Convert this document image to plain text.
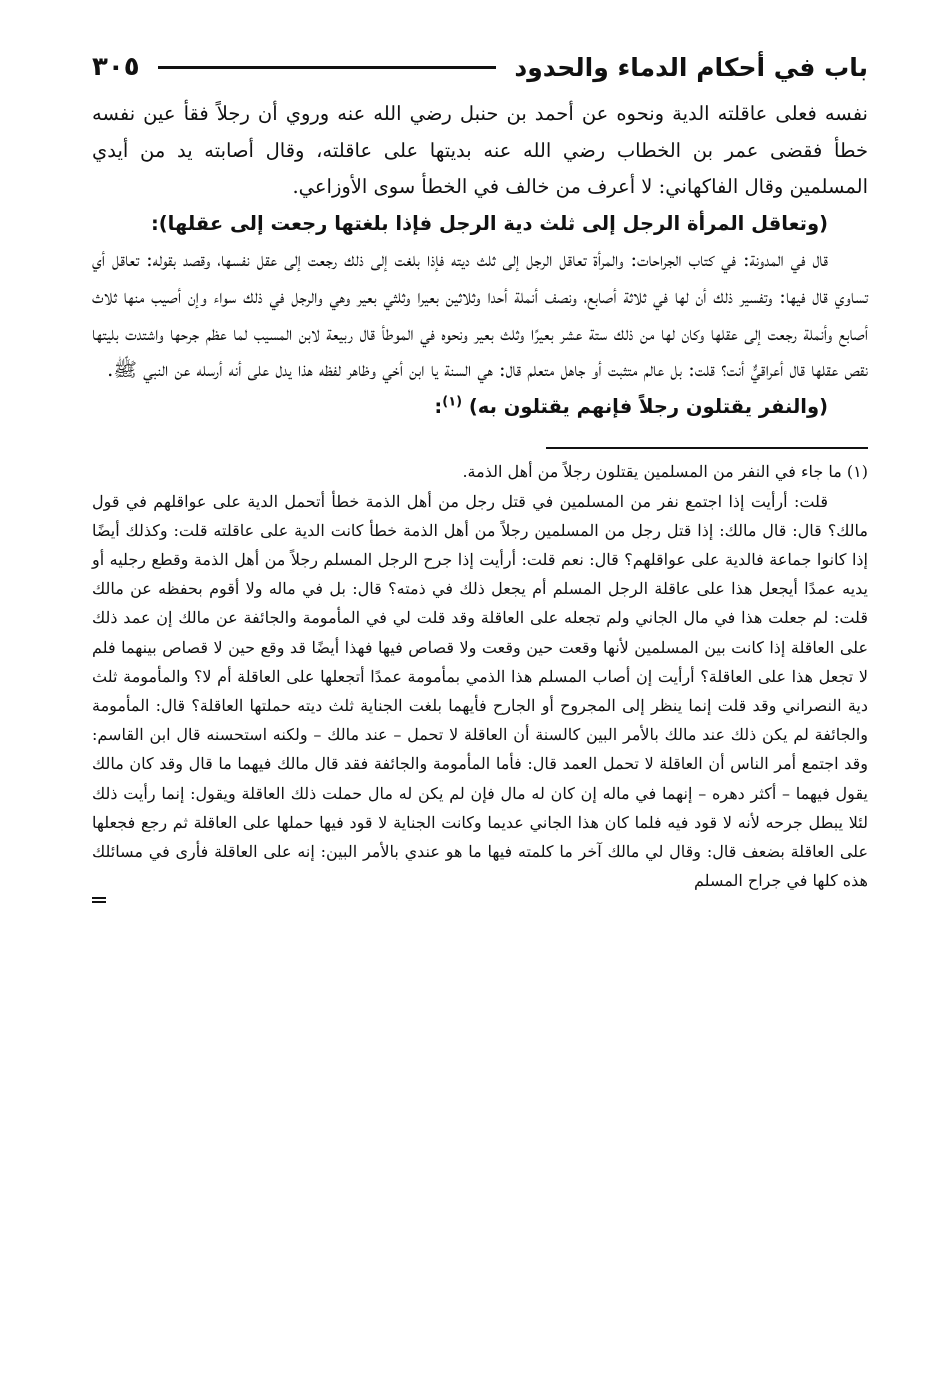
باب في أحكام الدماء والحدود
٣٠٥

نفسه فعلى عاقلته الدية ونحوه عن أحمد بن حنبل رضي الله عنه وروي أن رجلاً فقأ عين نفسه خطأ فقضى عمر بن الخطاب رضي الله عنه بديتها على عاقلته، وقال أصابته يد من أيدي المسلمين وقال الفاكهاني: لا أعرف من خالف في الخطأ سوى الأوزاعي.

(وتعاقل المرأة الرجل إلى ثلث دية الرجل فإذا بلغتها رجعت إلى عقلها):

قال في المدونة: في كتاب الجراحات: والمرأة تعاقل الرجل إلى ثلث ديته فإذا بلغت إلى ذلك رجعت إلى عقل نفسها، وقصد بقوله: تعاقل أي تساوي قال فيها: وتفسير ذلك أن لها في ثلاثة أصابع، ونصف أنملة أحدا وثلاثين بعيرا وثلثي بعير وهي والرجل في ذلك سواء وإن أصيب منها ثلاث أصابع وأنملة رجعت إلى عقلها وكان لها من ذلك ستة عشر بعيرًا وثلث بعير ونحوه في الموطأ قال ربيعة لابن المسيب لما عظم جرحها واشتدت بليتها نقص عقلها قال أعراقيٌّ أنت؟ قلت: بل عالم متثبت أو جاهل متعلم قال: هي السنة يا ابن أخي وظاهر لفظه هذا يدل على أنه أرسله عن النبي ﷺ.

(والنفر يقتلون رجلاً فإنهم يقتلون به) $^{(١)}$:

(١) ما جاء في النفر من المسلمين يقتلون رجلاً من أهل الذمة.

قلت: أرأيت إذا اجتمع نفر من المسلمين في قتل رجل من أهل الذمة خطأ أتحمل الدية على عواقلهم في قول مالك؟ قال: قال مالك: إذا قتل رجل من المسلمين رجلاً من أهل الذمة خطأ كانت الدية على عاقلته قلت: وكذلك أيضًا إذا كانوا جماعة فالدية على عواقلهم؟ قال: نعم قلت: أرأيت إذا جرح الرجل المسلم رجلاً من أهل الذمة وقطع رجليه أو يديه عمدًا أيجعل هذا على عاقلة الرجل المسلم أم يجعل ذلك في ذمته؟ قال: بل في ماله ولا أقوم بحفظه عن مالك قلت: لم جعلت هذا في مال الجاني ولم تجعله على العاقلة وقد قلت لي في المأمومة والجائفة عن مالك إن عمد ذلك على العاقلة إذا كانت بين المسلمين لأنها وقعت حين وقعت ولا قصاص فيها فهذا أيضًا قد وقع حين لا قصاص بينهما فلم لا تجعل هذا على العاقلة؟ أرأيت إن أصاب المسلم هذا الذمي بمأمومة عمدًا أتجعلها على العاقلة أم لا؟ والمأمومة ثلث دية النصراني وقد قلت إنما ينظر إلى المجروح أو الجارح فأيهما بلغت الجناية ثلث ديته حملتها العاقلة؟ قال: المأمومة والجائفة لم يكن ذلك عند مالك بالأمر البين كالسنة أن العاقلة لا تحمل – عند مالك – ولكنه استحسنه قال ابن القاسم: وقد اجتمع أمر الناس أن العاقلة لا تحمل العمد قال: فأما المأمومة والجائفة فقد قال مالك فيهما ما قال وقد كان مالك يقول فيهما – أكثر دهره – إنهما في ماله إن كان له مال فإن لم يكن له مال حملت ذلك العاقلة ويقول: إنما رأيت ذلك لئلا يبطل جرحه لأنه لا قود فيه فلما كان هذا الجاني عديما وكانت الجناية لا قود فيها حملها على العاقلة ثم رجع فجعلها على العاقلة بضعف قال: وقال لي مالك آخر ما كلمته فيها ما هو عندي بالأمر البين: إنه على العاقلة فأرى في مسائلك هذه كلها في جراح المسلم
